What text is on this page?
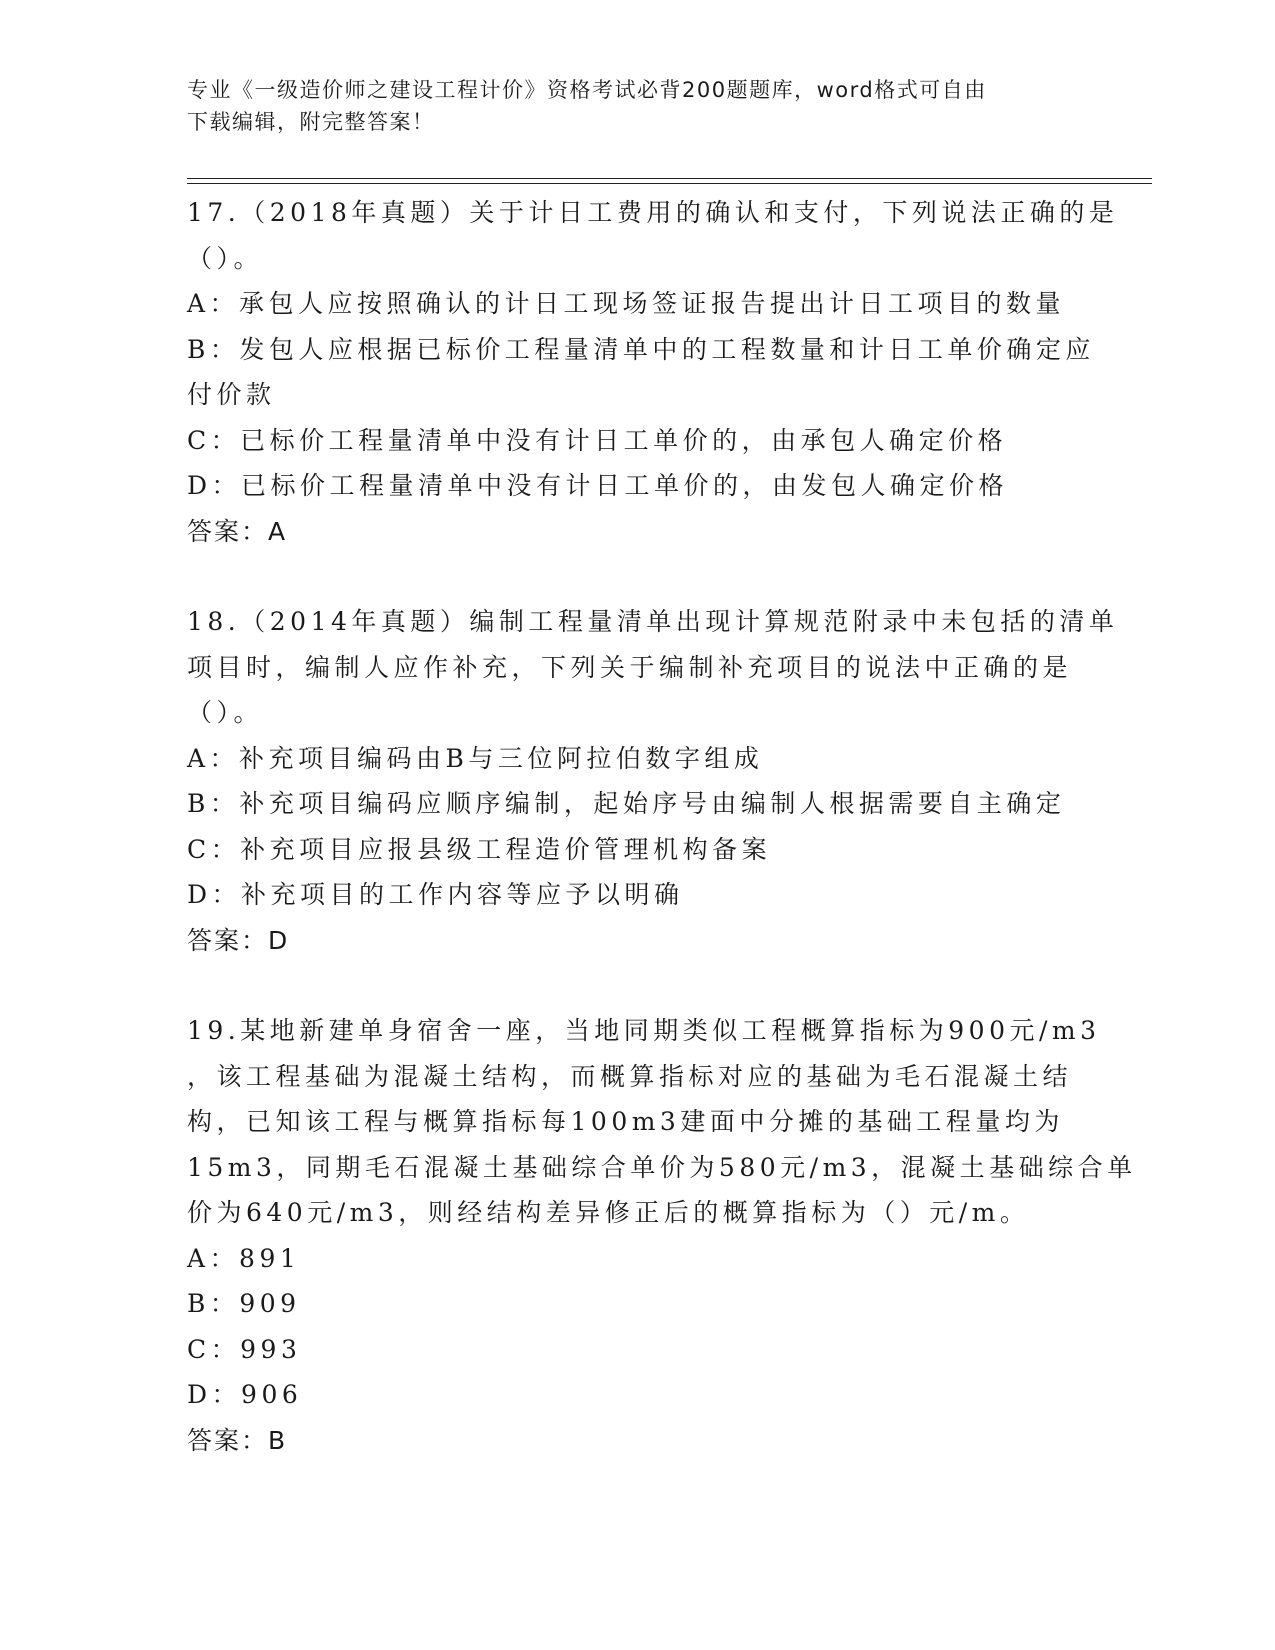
专业《一级造价师之建设工程计价》资格考试必背200题题库，word格式可自由
下载编辑，附完整答案！
17.（2018年真题）关于计日工费用的确认和支付，下列说法正确的是
（）。
A：承包人应按照确认的计日工现场签证报告提出计日工项目的数量
B：发包人应根据已标价工程量清单中的工程数量和计日工单价确定应
付价款
C：已标价工程量清单中没有计日工单价的，由承包人确定价格
D：已标价工程量清单中没有计日工单价的，由发包人确定价格
答案：A
18.（2014年真题）编制工程量清单出现计算规范附录中未包括的清单
项目时，编制人应作补充，下列关于编制补充项目的说法中正确的是
（）。
A：补充项目编码由B与三位阿拉伯数字组成
B：补充项目编码应顺序编制，起始序号由编制人根据需要自主确定
C：补充项目应报县级工程造价管理机构备案
D：补充项目的工作内容等应予以明确
答案：D
19.某地新建单身宿舍一座，当地同期类似工程概算指标为900元/m3
，该工程基础为混凝土结构，而概算指标对应的基础为毛石混凝土结
构，已知该工程与概算指标每100m3建面中分摊的基础工程量均为
15m3，同期毛石混凝土基础综合单价为580元/m3，混凝土基础综合单
价为640元/m3，则经结构差异修正后的概算指标为（）元/m。
A：891
B：909
C：993
D：906
答案：B
